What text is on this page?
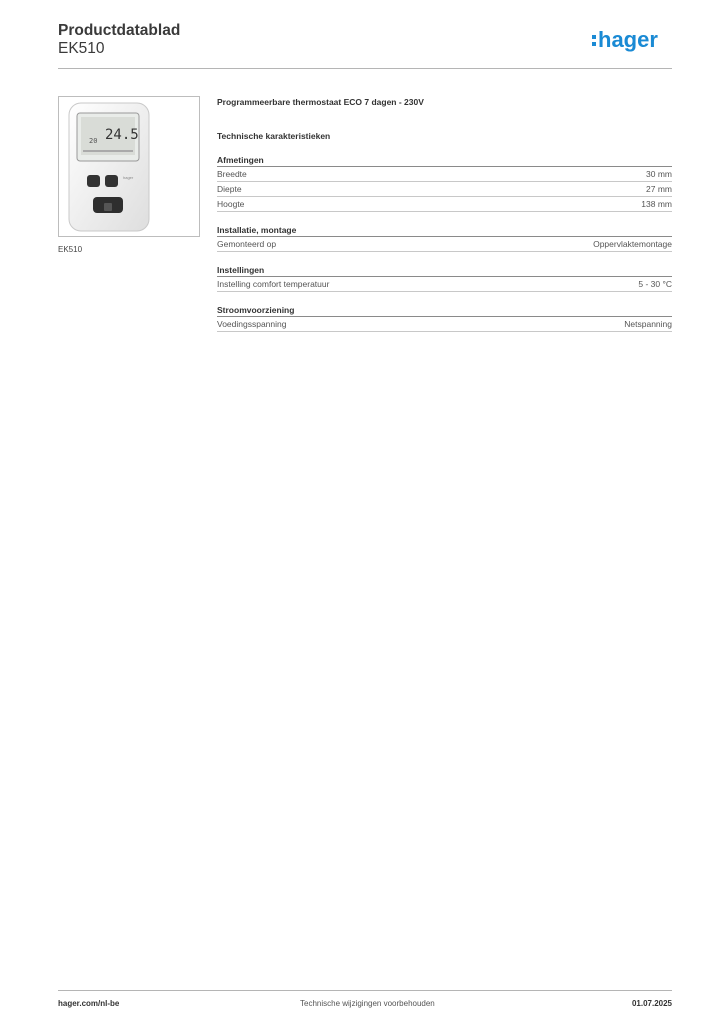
Productdatablad
EK510	hager
20 24.5
hager
EK510
Programmeerbare thermostaat ECO 7 dagen - 230V
Technische karakteristieken
Afmetingen
Breedte	30 mm
Diepte	27 mm
Hoogte	138 mm
Installatie, montage
Gemonteerd op	Oppervlaktemontage
Instellingen
Instelling comfort temperatuur	5 - 30 °C
Stroomvoorziening
Voedingsspanning	Netspanning
hager.com/nl-be	Technische wijzigingen voorbehouden	01.07.2025
